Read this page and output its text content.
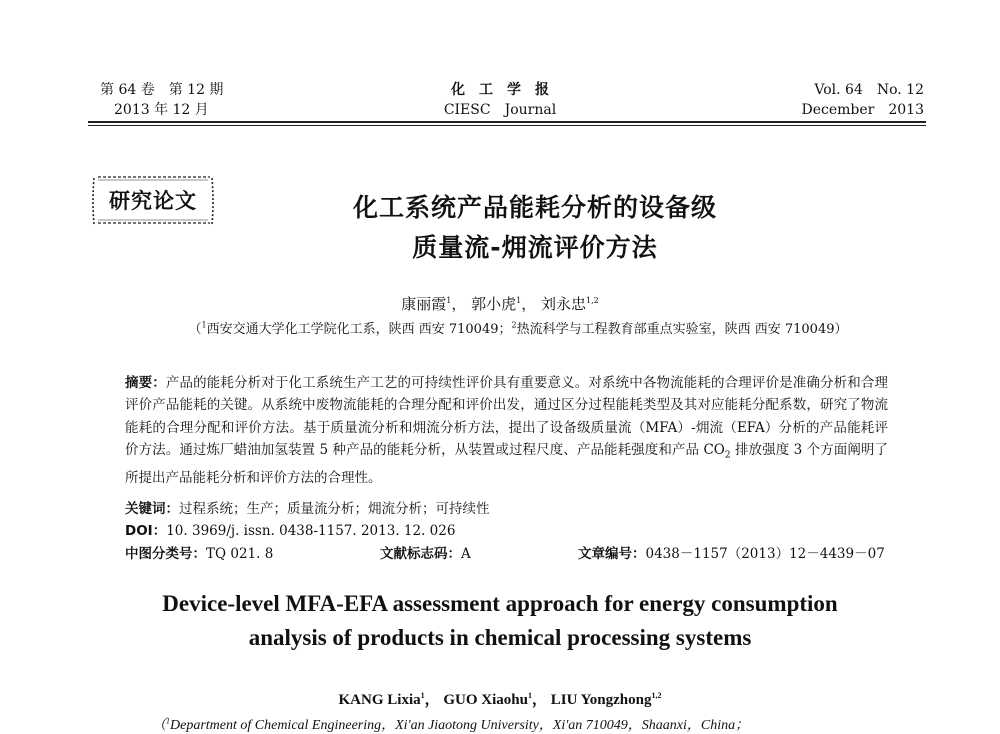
第 64 卷　第 12 期
2013 年 12 月
化　工　学　报
CIESC　Journal
Vol. 64　No. 12
December　2013
研究论文	化工系统产品能耗分析的设备级
质量流-㶲流评价方法
康丽霞$^1$， 郭小虎$^1$， 刘永忠$^{1,2}$
（$^1$西安交通大学化工学院化工系，陕西 西安 710049；$^2$热流科学与工程教育部重点实验室，陕西 西安 710049）
摘要：产品的能耗分析对于化工系统生产工艺的可持续性评价具有重要意义。对系统中各物流能耗的合理评价是准确分析和合理评价产品能耗的关键。从系统中废物流能耗的合理分配和评价出发，通过区分过程能耗类型及其对应能耗分配系数，研究了物流能耗的合理分配和评价方法。基于质量流分析和㶲流分析方法，提出了设备级质量流（MFA）-㶲流（EFA）分析的产品能耗评价方法。通过炼厂蜡油加氢装置 5 种产品的能耗分析，从装置或过程尺度、产品能耗强度和产品 $CO_2$ 排放强度 3 个方面阐明了所提出产品能耗分析和评价方法的合理性。
关键词：过程系统；生产；质量流分析；㶲流分析；可持续性
DOI：10. 3969/j. issn. 0438-1157. 2013. 12. 026
中图分类号：TQ 021. 8	文献标志码：A	文章编号：0438－1157（2013）12－4439－07
Device-level MFA-EFA assessment approach for energy consumption
analysis of products in chemical processing systems
KANG Lixia$^1$， GUO Xiaohu$^1$， LIU Yongzhong$^{1,2}$
（$^1$Department of Chemical Engineering，Xi'an Jiaotong University，Xi'an 710049，Shaanxi，China；
